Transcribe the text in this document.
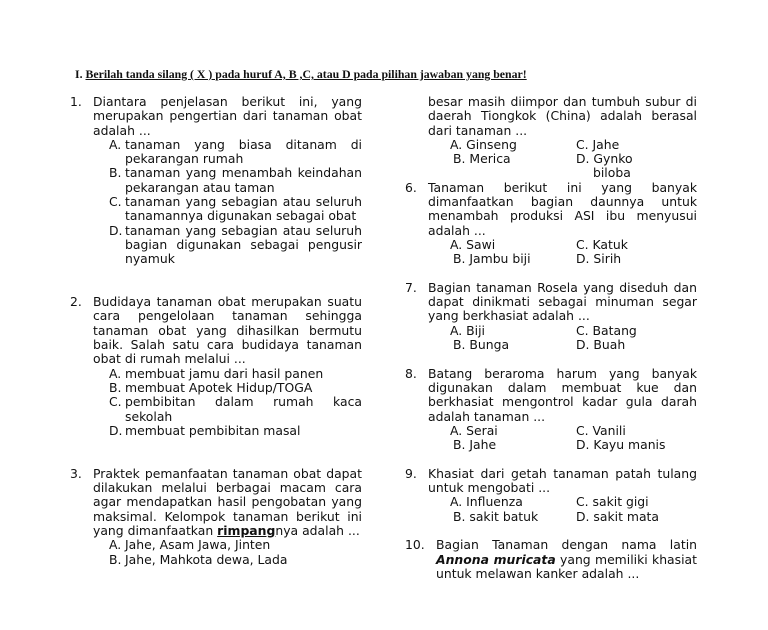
I. Berilah tanda silang ( X ) pada huruf A, B ,C, atau D pada pilihan jawaban yang benar!
1. Diantara penjelasan berikut ini, yang merupakan pengertian dari tanaman obat adalah ...
A. tanaman yang biasa ditanam di pekarangan rumah
B. tanaman yang menambah keindahan pekarangan atau taman
C. tanaman yang sebagian atau seluruh tanamannya digunakan sebagai obat
D. tanaman yang sebagian atau seluruh bagian digunakan sebagai pengusir nyamuk
2. Budidaya tanaman obat merupakan suatu cara pengelolaan tanaman sehingga tanaman obat yang dihasilkan bermutu baik. Salah satu cara budidaya tanaman obat di rumah melalui ...
A. membuat jamu dari hasil panen
B. membuat Apotek Hidup/TOGA
C. pembibitan dalam rumah kaca sekolah
D. membuat pembibitan masal
3. Praktek pemanfaatan tanaman obat dapat dilakukan melalui berbagai macam cara agar mendapatkan hasil pengobatan yang maksimal. Kelompok tanaman berikut ini yang dimanfaatkan rimpangnya adalah ...
A. Jahe, Asam Jawa, Jinten
B. Jahe, Mahkota dewa, Lada
besar masih diimpor dan tumbuh subur di daerah Tiongkok (China) adalah berasal dari tanaman ...
A. Ginseng	C. Jahe
B. Merica	D. Gynko
biloba
6. Tanaman berikut ini yang banyak dimanfaatkan bagian daunnya untuk menambah produksi ASI ibu menyusui adalah ...
A. Sawi	C. Katuk
B. Jambu biji	D. Sirih
7. Bagian tanaman Rosela yang diseduh dan dapat dinikmati sebagai minuman segar yang berkhasiat adalah ...
A. Biji	C. Batang
B. Bunga	D. Buah
8. Batang beraroma harum yang banyak digunakan dalam membuat kue dan berkhasiat mengontrol kadar gula darah adalah tanaman ...
A. Serai	C. Vanili
B. Jahe	D. Kayu manis
9. Khasiat dari getah tanaman patah tulang untuk mengobati ...
A. Influenza	C. sakit gigi
B. sakit batuk	D. sakit mata
10. Bagian Tanaman dengan nama latin Annona muricata yang memiliki khasiat untuk melawan kanker adalah ...
